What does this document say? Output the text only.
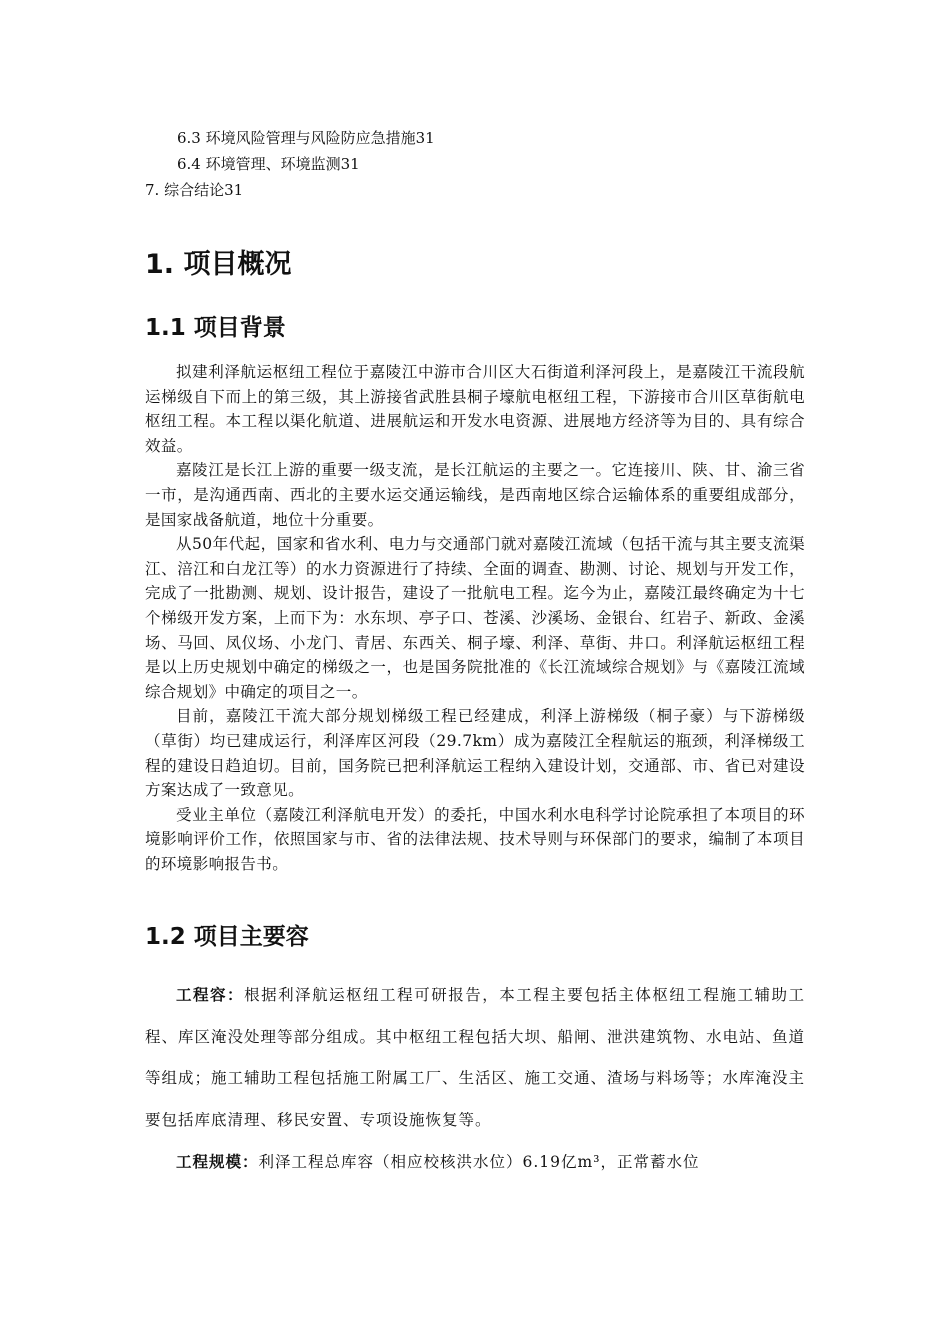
6.3 环境风险管理与风险防应急措施31
6.4 环境管理、环境监测31
7. 综合结论31
1. 项目概况
1.1 项目背景

拟建利泽航运枢纽工程位于嘉陵江中游市合川区大石街道利泽河段上，是嘉陵江干流段航运梯级自下而上的第三级，其上游接省武胜县桐子壕航电枢纽工程，下游接市合川区草街航电枢纽工程。本工程以渠化航道、进展航运和开发水电资源、进展地方经济等为目的、具有综合效益。

嘉陵江是长江上游的重要一级支流，是长江航运的主要之一。它连接川、陕、甘、渝三省一市，是沟通西南、西北的主要水运交通运输线，是西南地区综合运输体系的重要组成部分，是国家战备航道，地位十分重要。

从50年代起，国家和省水利、电力与交通部门就对嘉陵江流域（包括干流与其主要支流渠江、涪江和白龙江等）的水力资源进行了持续、全面的调查、勘测、讨论、规划与开发工作，完成了一批勘测、规划、设计报告，建设了一批航电工程。迄今为止，嘉陵江最终确定为十七个梯级开发方案，上而下为：水东坝、亭子口、苍溪、沙溪场、金银台、红岩子、新政、金溪场、马回、凤仪场、小龙门、青居、东西关、桐子壕、利泽、草街、井口。利泽航运枢纽工程是以上历史规划中确定的梯级之一，也是国务院批准的《长江流域综合规划》与《嘉陵江流域综合规划》中确定的项目之一。

目前，嘉陵江干流大部分规划梯级工程已经建成，利泽上游梯级（桐子豪）与下游梯级（草街）均已建成运行，利泽库区河段（29.7km）成为嘉陵江全程航运的瓶颈，利泽梯级工程的建设日趋迫切。目前，国务院已把利泽航运工程纳入建设计划，交通部、市、省已对建设方案达成了一致意见。

受业主单位（嘉陵江利泽航电开发）的委托，中国水利水电科学讨论院承担了本项目的环境影响评价工作，依照国家与市、省的法律法规、技术导则与环保部门的要求，编制了本项目的环境影响报告书。

1.2 项目主要容

工程容：根据利泽航运枢纽工程可研报告，本工程主要包括主体枢纽工程施工辅助工程、库区淹没处理等部分组成。其中枢纽工程包括大坝、船闸、泄洪建筑物、水电站、鱼道等组成；施工辅助工程包括施工附属工厂、生活区、施工交通、渣场与料场等；水库淹没主要包括库底清理、移民安置、专项设施恢复等。

工程规模：利泽工程总库容（相应校核洪水位）6.19亿m³，正常蓄水位
